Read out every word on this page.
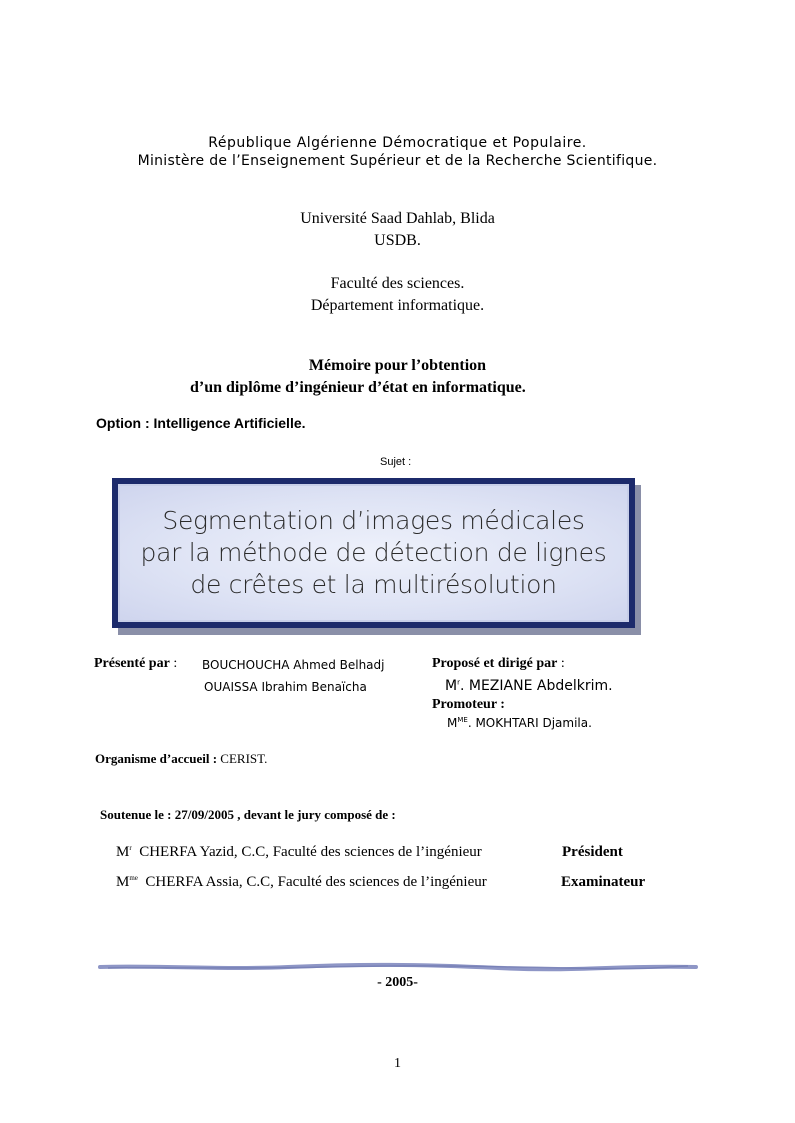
République Algérienne Démocratique et Populaire.
Ministère de l’Enseignement Supérieur et de la Recherche Scientifique.
Université Saad Dahlab, Blida
USDB.
Faculté des sciences.
Département informatique.
Mémoire pour l’obtention
d’un diplôme d’ingénieur d’état en informatique.
Option : Intelligence Artificielle.
Sujet :
Segmentation d’images médicales
par la méthode de détection de lignes
de crêtes et la multirésolution
Présenté par : BOUCHOUCHA Ahmed Belhadj
OUAISSA Ibrahim Benaïcha
Proposé et dirigé par :
$M^r$. MEZIANE Abdelkrim.
Promoteur :
$M^{ME}$. MOKHTARI Djamila.
Organisme d’accueil : CERIST.
Soutenue le : 27/09/2005 , devant le jury composé de :
$M^r$  CHERFA Yazid, C.C, Faculté des sciences de l’ingénieur	Président
$M^{me}$  CHERFA Assia, C.C, Faculté des sciences de l’ingénieur	Examinateur
- 2005-
1
